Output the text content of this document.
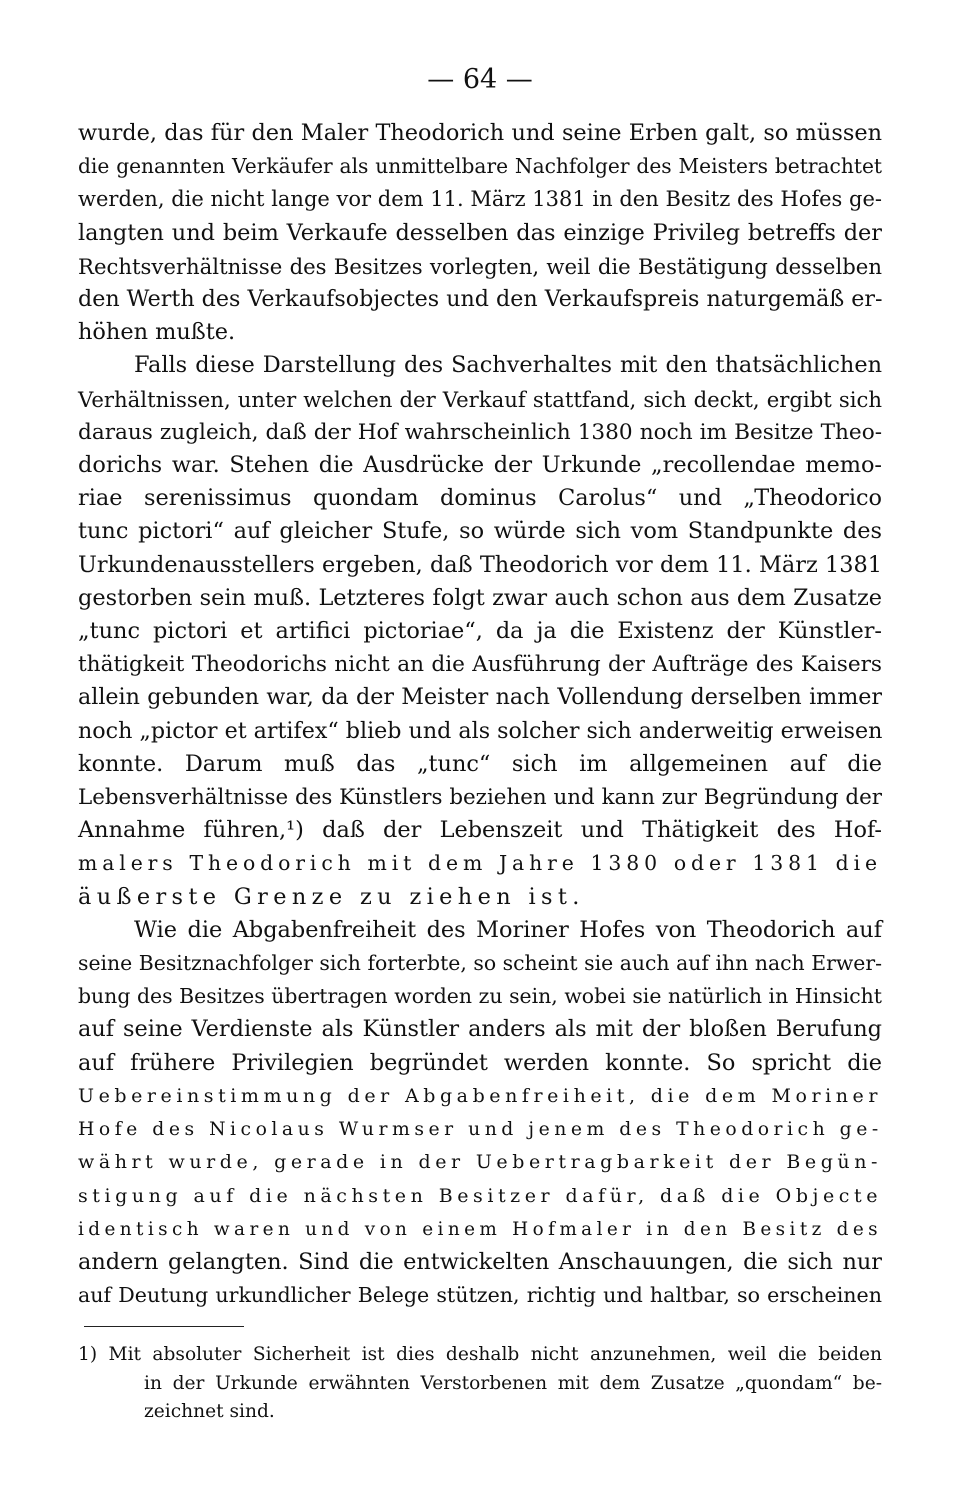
— 64 —
wurde, das für den Maler Theodorich und seine Erben galt, so müssen
die genannten Verkäufer als unmittelbare Nachfolger des Meisters betrachtet
werden, die nicht lange vor dem 11. März 1381 in den Besitz des Hofes ge-
langten und beim Verkaufe desselben das einzige Privileg betreffs der
Rechtsverhältnisse des Besitzes vorlegten, weil die Bestätigung desselben
den Werth des Verkaufsobjectes und den Verkaufspreis naturgemäß er-
höhen mußte.
Falls diese Darstellung des Sachverhaltes mit den thatsächlichen
Verhältnissen, unter welchen der Verkauf stattfand, sich deckt, ergibt sich
daraus zugleich, daß der Hof wahrscheinlich 1380 noch im Besitze Theo-
dorichs war. Stehen die Ausdrücke der Urkunde „recollendae memo-
riae serenissimus quondam dominus Carolus“ und „Theodorico
tunc pictori“ auf gleicher Stufe, so würde sich vom Standpunkte des
Urkundenausstellers ergeben, daß Theodorich vor dem 11. März 1381
gestorben sein muß. Letzteres folgt zwar auch schon aus dem Zusatze
„tunc pictori et artifici pictoriae“, da ja die Existenz der Künstler-
thätigkeit Theodorichs nicht an die Ausführung der Aufträge des Kaisers
allein gebunden war, da der Meister nach Vollendung derselben immer
noch „pictor et artifex“ blieb und als solcher sich anderweitig erweisen
konnte. Darum muß das „tunc“ sich im allgemeinen auf die
Lebensverhältnisse des Künstlers beziehen und kann zur Begründung der
Annahme führen,¹) daß der Lebenszeit und Thätigkeit des Hof-
malers Theodorich mit dem Jahre 1380 oder 1381 die
äußerste Grenze zu ziehen ist.
Wie die Abgabenfreiheit des Moriner Hofes von Theodorich auf
seine Besitznachfolger sich forterbte, so scheint sie auch auf ihn nach Erwer-
bung des Besitzes übertragen worden zu sein, wobei sie natürlich in Hinsicht
auf seine Verdienste als Künstler anders als mit der bloßen Berufung
auf frühere Privilegien begründet werden konnte. So spricht die
Uebereinstimmung der Abgabenfreiheit, die dem Moriner
Hofe des Nicolaus Wurmser und jenem des Theodorich ge-
währt wurde, gerade in der Uebertragbarkeit der Begün-
stigung auf die nächsten Besitzer dafür, daß die Objecte
identisch waren und von einem Hofmaler in den Besitz des
andern gelangten. Sind die entwickelten Anschauungen, die sich nur
auf Deutung urkundlicher Belege stützen, richtig und haltbar, so erscheinen
1) Mit absoluter Sicherheit ist dies deshalb nicht anzunehmen, weil die beiden
in der Urkunde erwähnten Verstorbenen mit dem Zusatze „quondam“ be-
zeichnet sind.
